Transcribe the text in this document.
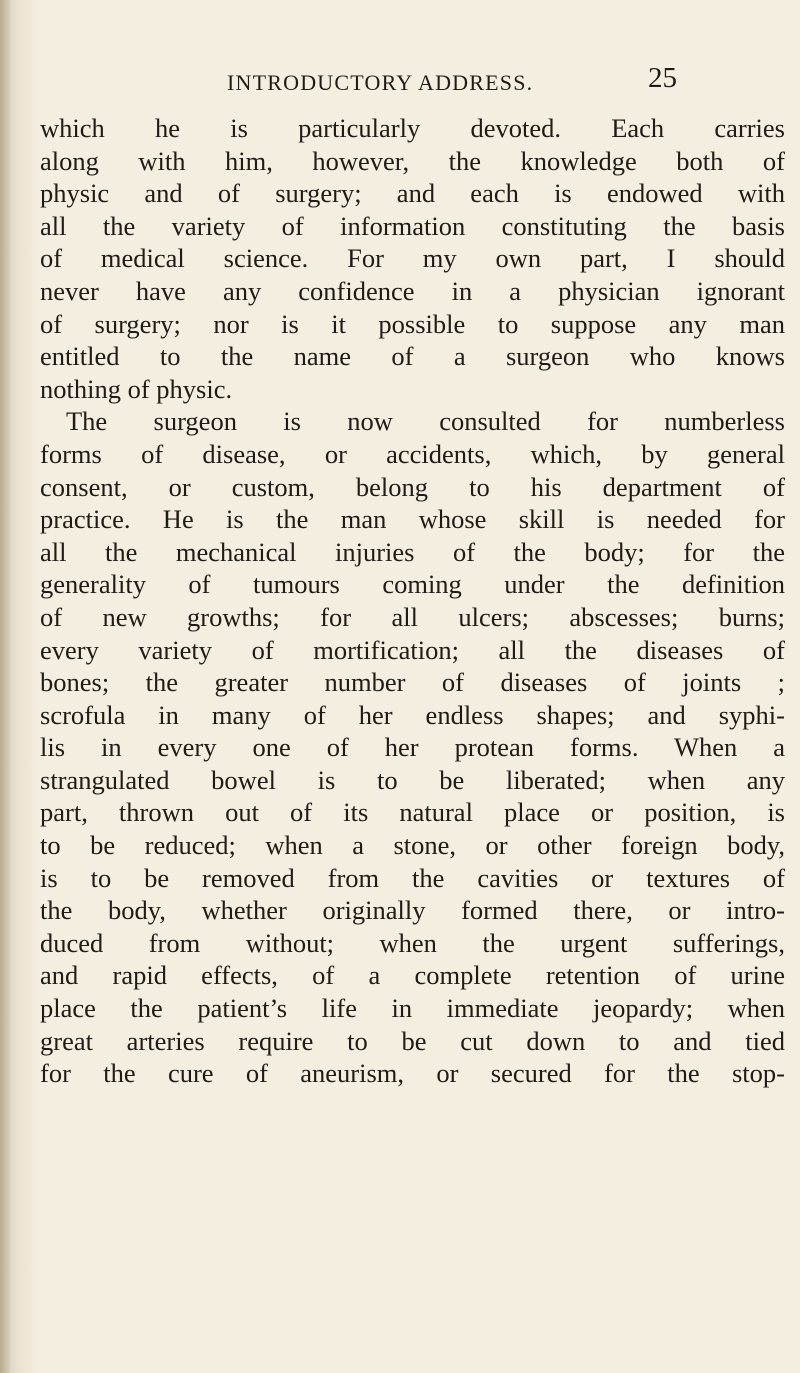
INTRODUCTORY ADDRESS.	25
which he is particularly devoted. Each carries
along with him, however, the knowledge both of
physic and of surgery; and each is endowed with
all the variety of information constituting the basis
of medical science. For my own part, I should
never have any confidence in a physician ignorant
of surgery; nor is it possible to suppose any man
entitled to the name of a surgeon who knows
nothing of physic.
The surgeon is now consulted for numberless
forms of disease, or accidents, which, by general
consent, or custom, belong to his department of
practice. He is the man whose skill is needed for
all the mechanical injuries of the body; for the
generality of tumours coming under the definition
of new growths; for all ulcers; abscesses; burns;
every variety of mortification; all the diseases of
bones; the greater number of diseases of joints ;
scrofula in many of her endless shapes; and syphi-
lis in every one of her protean forms. When a
strangulated bowel is to be liberated; when any
part, thrown out of its natural place or position, is
to be reduced; when a stone, or other foreign body,
is to be removed from the cavities or textures of
the body, whether originally formed there, or intro-
duced from without; when the urgent sufferings,
and rapid effects, of a complete retention of urine
place the patient’s life in immediate jeopardy; when
great arteries require to be cut down to and tied
for the cure of aneurism, or secured for the stop-
